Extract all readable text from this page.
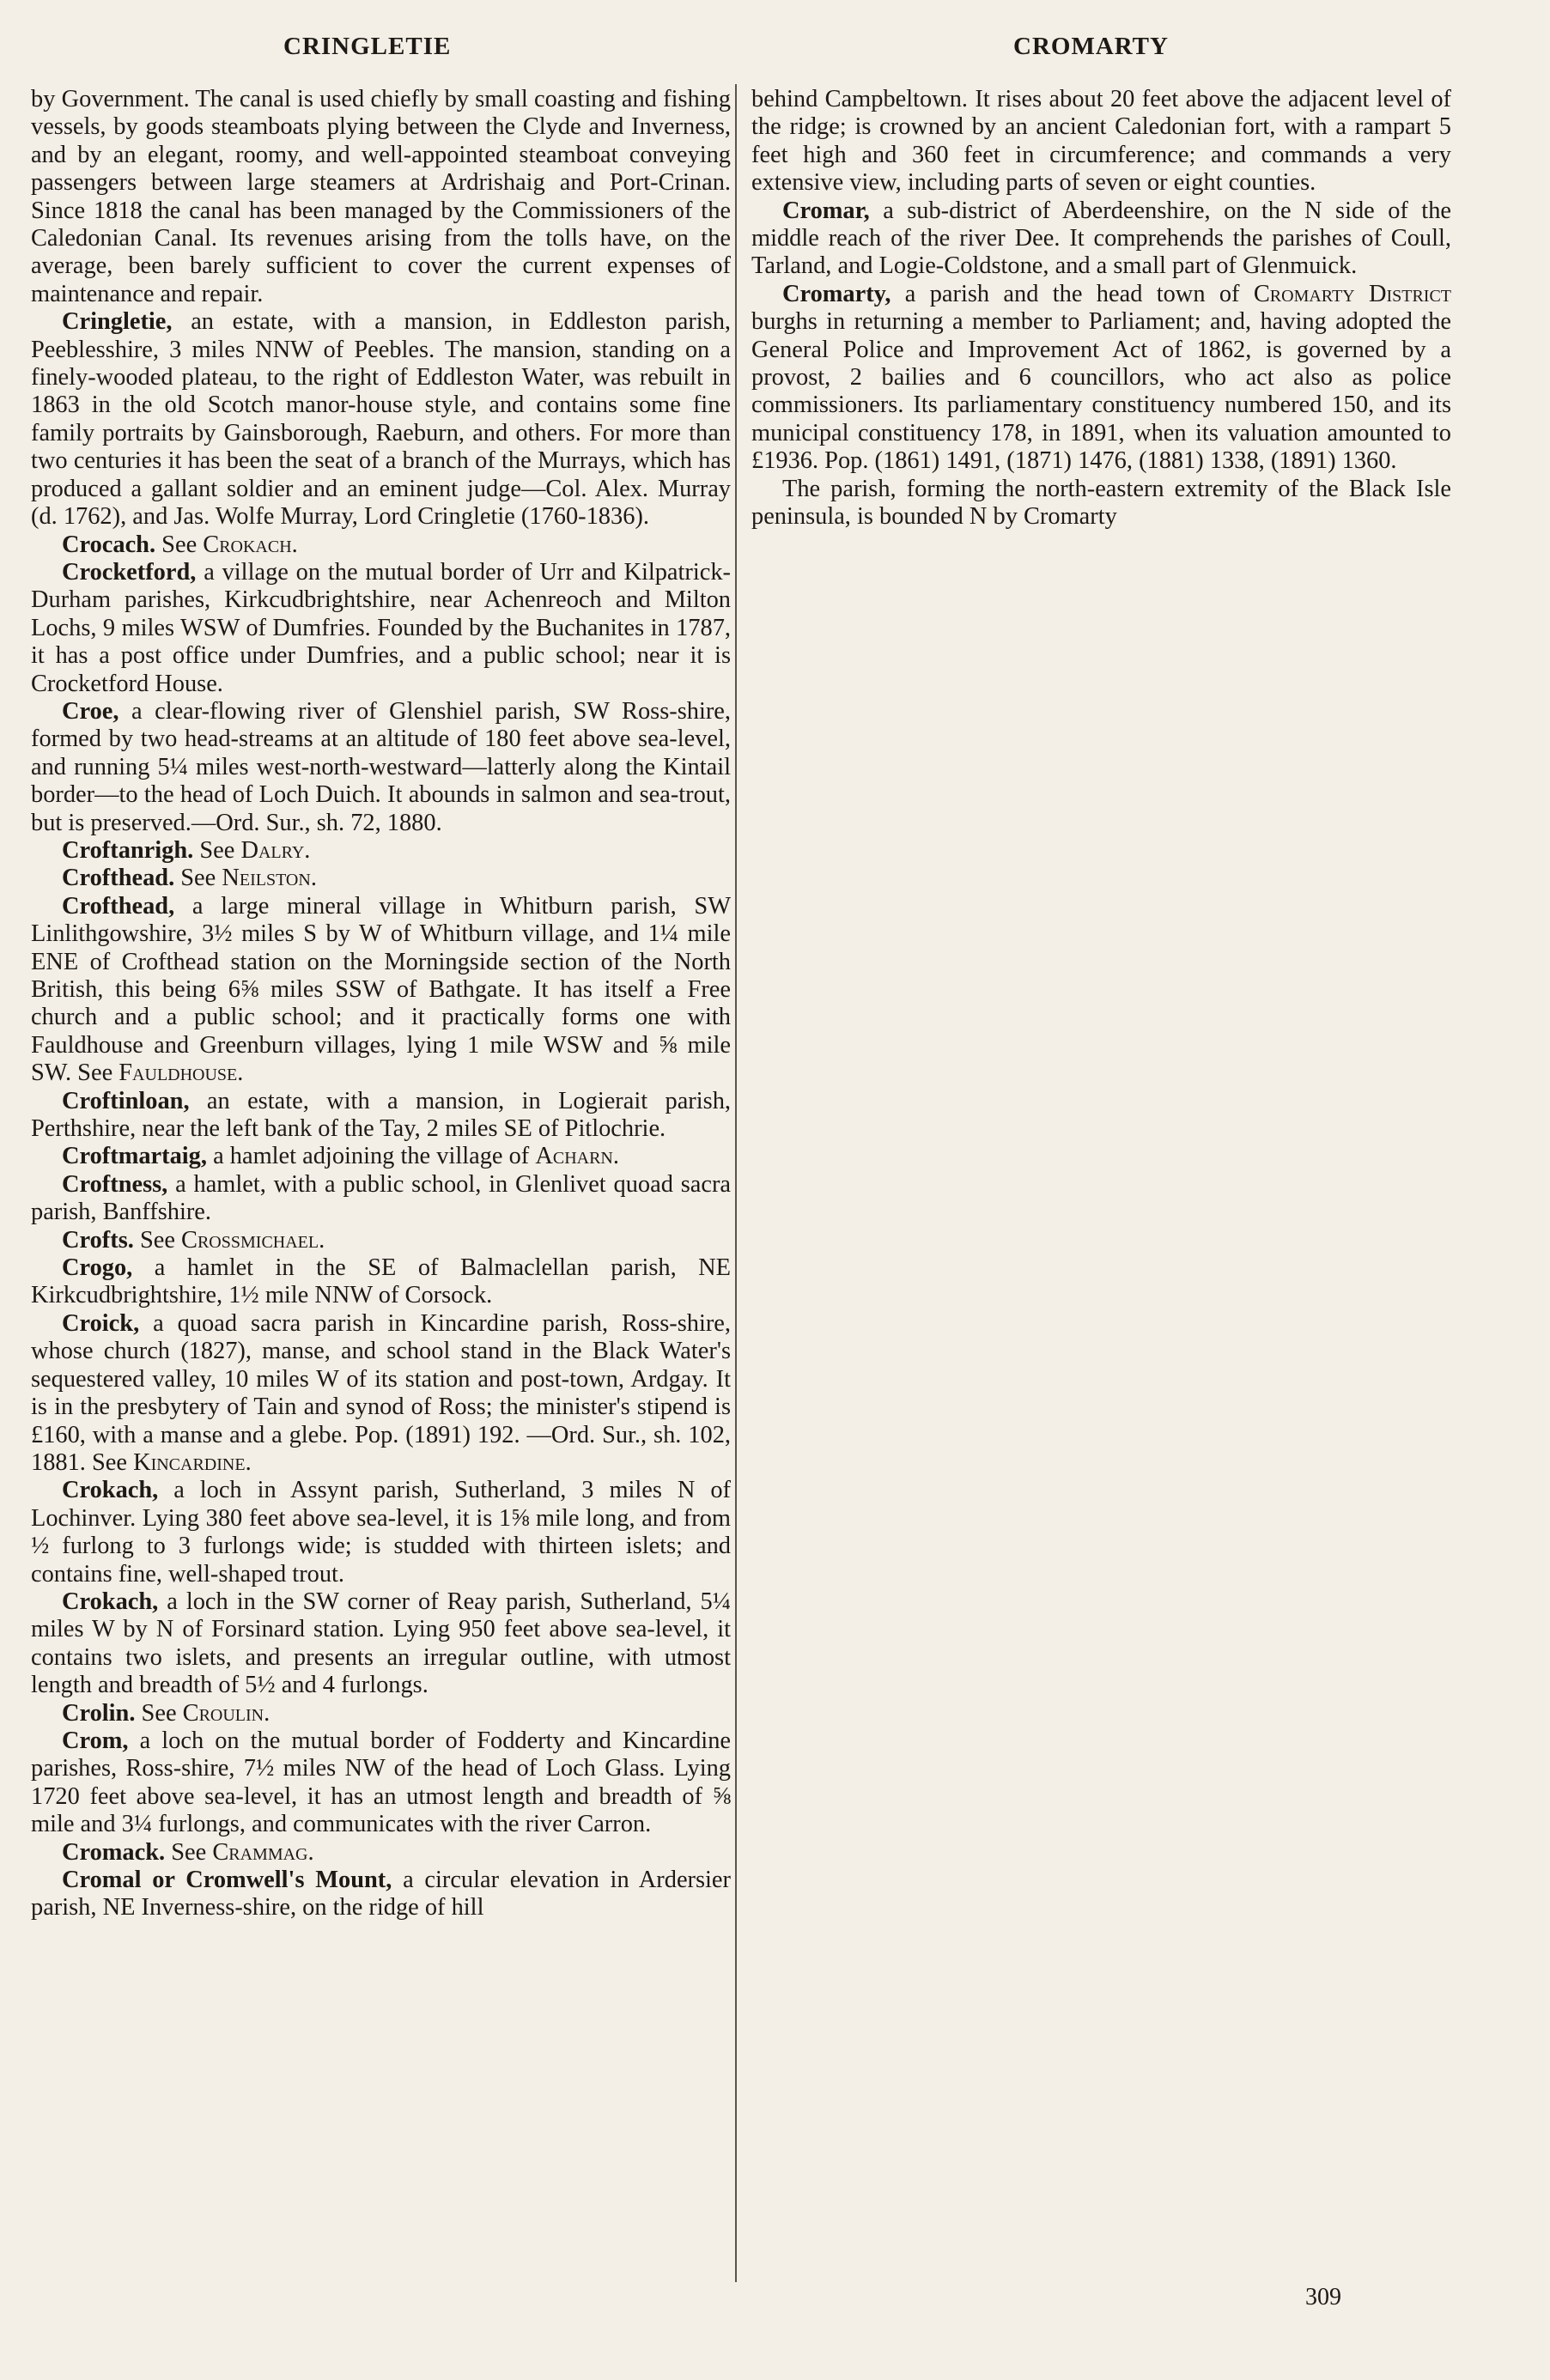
CRINGLETIE	CROMARTY

by Government. The canal is used chiefly by small coasting and fishing vessels, by goods steamboats plying between the Clyde and Inverness, and by an elegant, roomy, and well-appointed steamboat conveying passengers between large steamers at Ardrishaig and Port-Crinan. Since 1818 the canal has been managed by the Commissioners of the Caledonian Canal. Its revenues arising from the tolls have, on the average, been barely sufficient to cover the current expenses of maintenance and repair.

Cringletie, an estate, with a mansion, in Eddleston parish, Peeblesshire, 3 miles NNW of Peebles. The mansion, standing on a finely-wooded plateau, to the right of Eddleston Water, was rebuilt in 1863 in the old Scotch manor-house style, and contains some fine family portraits by Gainsborough, Raeburn, and others. For more than two centuries it has been the seat of a branch of the Murrays, which has produced a gallant soldier and an eminent judge—Col. Alex. Murray (d. 1762), and Jas. Wolfe Murray, Lord Cringletie (1760-1836).

Crocach. See Crokach.

Crocketford, a village on the mutual border of Urr and Kilpatrick-Durham parishes, Kirkcudbrightshire, near Achenreoch and Milton Lochs, 9 miles WSW of Dumfries. Founded by the Buchanites in 1787, it has a post office under Dumfries, and a public school; near it is Crocketford House.

Croe, a clear-flowing river of Glenshiel parish, SW Ross-shire, formed by two head-streams at an altitude of 180 feet above sea-level, and running 5¼ miles west-north-westward—latterly along the Kintail border—to the head of Loch Duich. It abounds in salmon and sea-trout, but is preserved.—Ord. Sur., sh. 72, 1880.

Croftanrigh. See Dalry.

Crofthead. See Neilston.

Crofthead, a large mineral village in Whitburn parish, SW Linlithgowshire, 3½ miles S by W of Whitburn village, and 1¼ mile ENE of Crofthead station on the Morningside section of the North British, this being 6⅝ miles SSW of Bathgate. It has itself a Free church and a public school; and it practically forms one with Fauldhouse and Greenburn villages, lying 1 mile WSW and ⅝ mile SW. See Fauldhouse.

Croftinloan, an estate, with a mansion, in Logierait parish, Perthshire, near the left bank of the Tay, 2 miles SE of Pitlochrie.

Croftmartaig, a hamlet adjoining the village of Acharn.

Croftness, a hamlet, with a public school, in Glenlivet quoad sacra parish, Banffshire.

Crofts. See Crossmichael.

Crogo, a hamlet in the SE of Balmaclellan parish, NE Kirkcudbrightshire, 1½ mile NNW of Corsock.

Croick, a quoad sacra parish in Kincardine parish, Ross-shire, whose church (1827), manse, and school stand in the Black Water's sequestered valley, 10 miles W of its station and post-town, Ardgay. It is in the presbytery of Tain and synod of Ross; the minister's stipend is £160, with a manse and a glebe. Pop. (1891) 192. —Ord. Sur., sh. 102, 1881. See Kincardine.

Crokach, a loch in Assynt parish, Sutherland, 3 miles N of Lochinver. Lying 380 feet above sea-level, it is 1⅝ mile long, and from ½ furlong to 3 furlongs wide; is studded with thirteen islets; and contains fine, well-shaped trout.

Crokach, a loch in the SW corner of Reay parish, Sutherland, 5¼ miles W by N of Forsinard station. Lying 950 feet above sea-level, it contains two islets, and presents an irregular outline, with utmost length and breadth of 5½ and 4 furlongs.

Crolin. See Croulin.

Crom, a loch on the mutual border of Fodderty and Kincardine parishes, Ross-shire, 7½ miles NW of the head of Loch Glass. Lying 1720 feet above sea-level, it has an utmost length and breadth of ⅝ mile and 3¼ furlongs, and communicates with the river Carron.

Cromack. See Crammag.

Cromal or Cromwell's Mount, a circular elevation in Ardersier parish, NE Inverness-shire, on the ridge of hill

behind Campbeltown. It rises about 20 feet above the adjacent level of the ridge; is crowned by an ancient Caledonian fort, with a rampart 5 feet high and 360 feet in circumference; and commands a very extensive view, including parts of seven or eight counties.

Cromar, a sub-district of Aberdeenshire, on the N side of the middle reach of the river Dee. It comprehends the parishes of Coull, Tarland, and Logie-Coldstone, and a small part of Glenmuick.

Cromarty, a parish and the head town of Cromarty District burghs in returning a member to Parliament; and, having adopted the General Police and Improvement Act of 1862, is governed by a provost, 2 bailies and 6 councillors, who act also as police commissioners. Its parliamentary constituency numbered 150, and its municipal constituency 178, in 1891, when its valuation amounted to £1936. Pop. (1861) 1491, (1871) 1476, (1881) 1338, (1891) 1360.

The parish, forming the north-eastern extremity of the Black Isle peninsula, is bounded N by Cromarty

309
